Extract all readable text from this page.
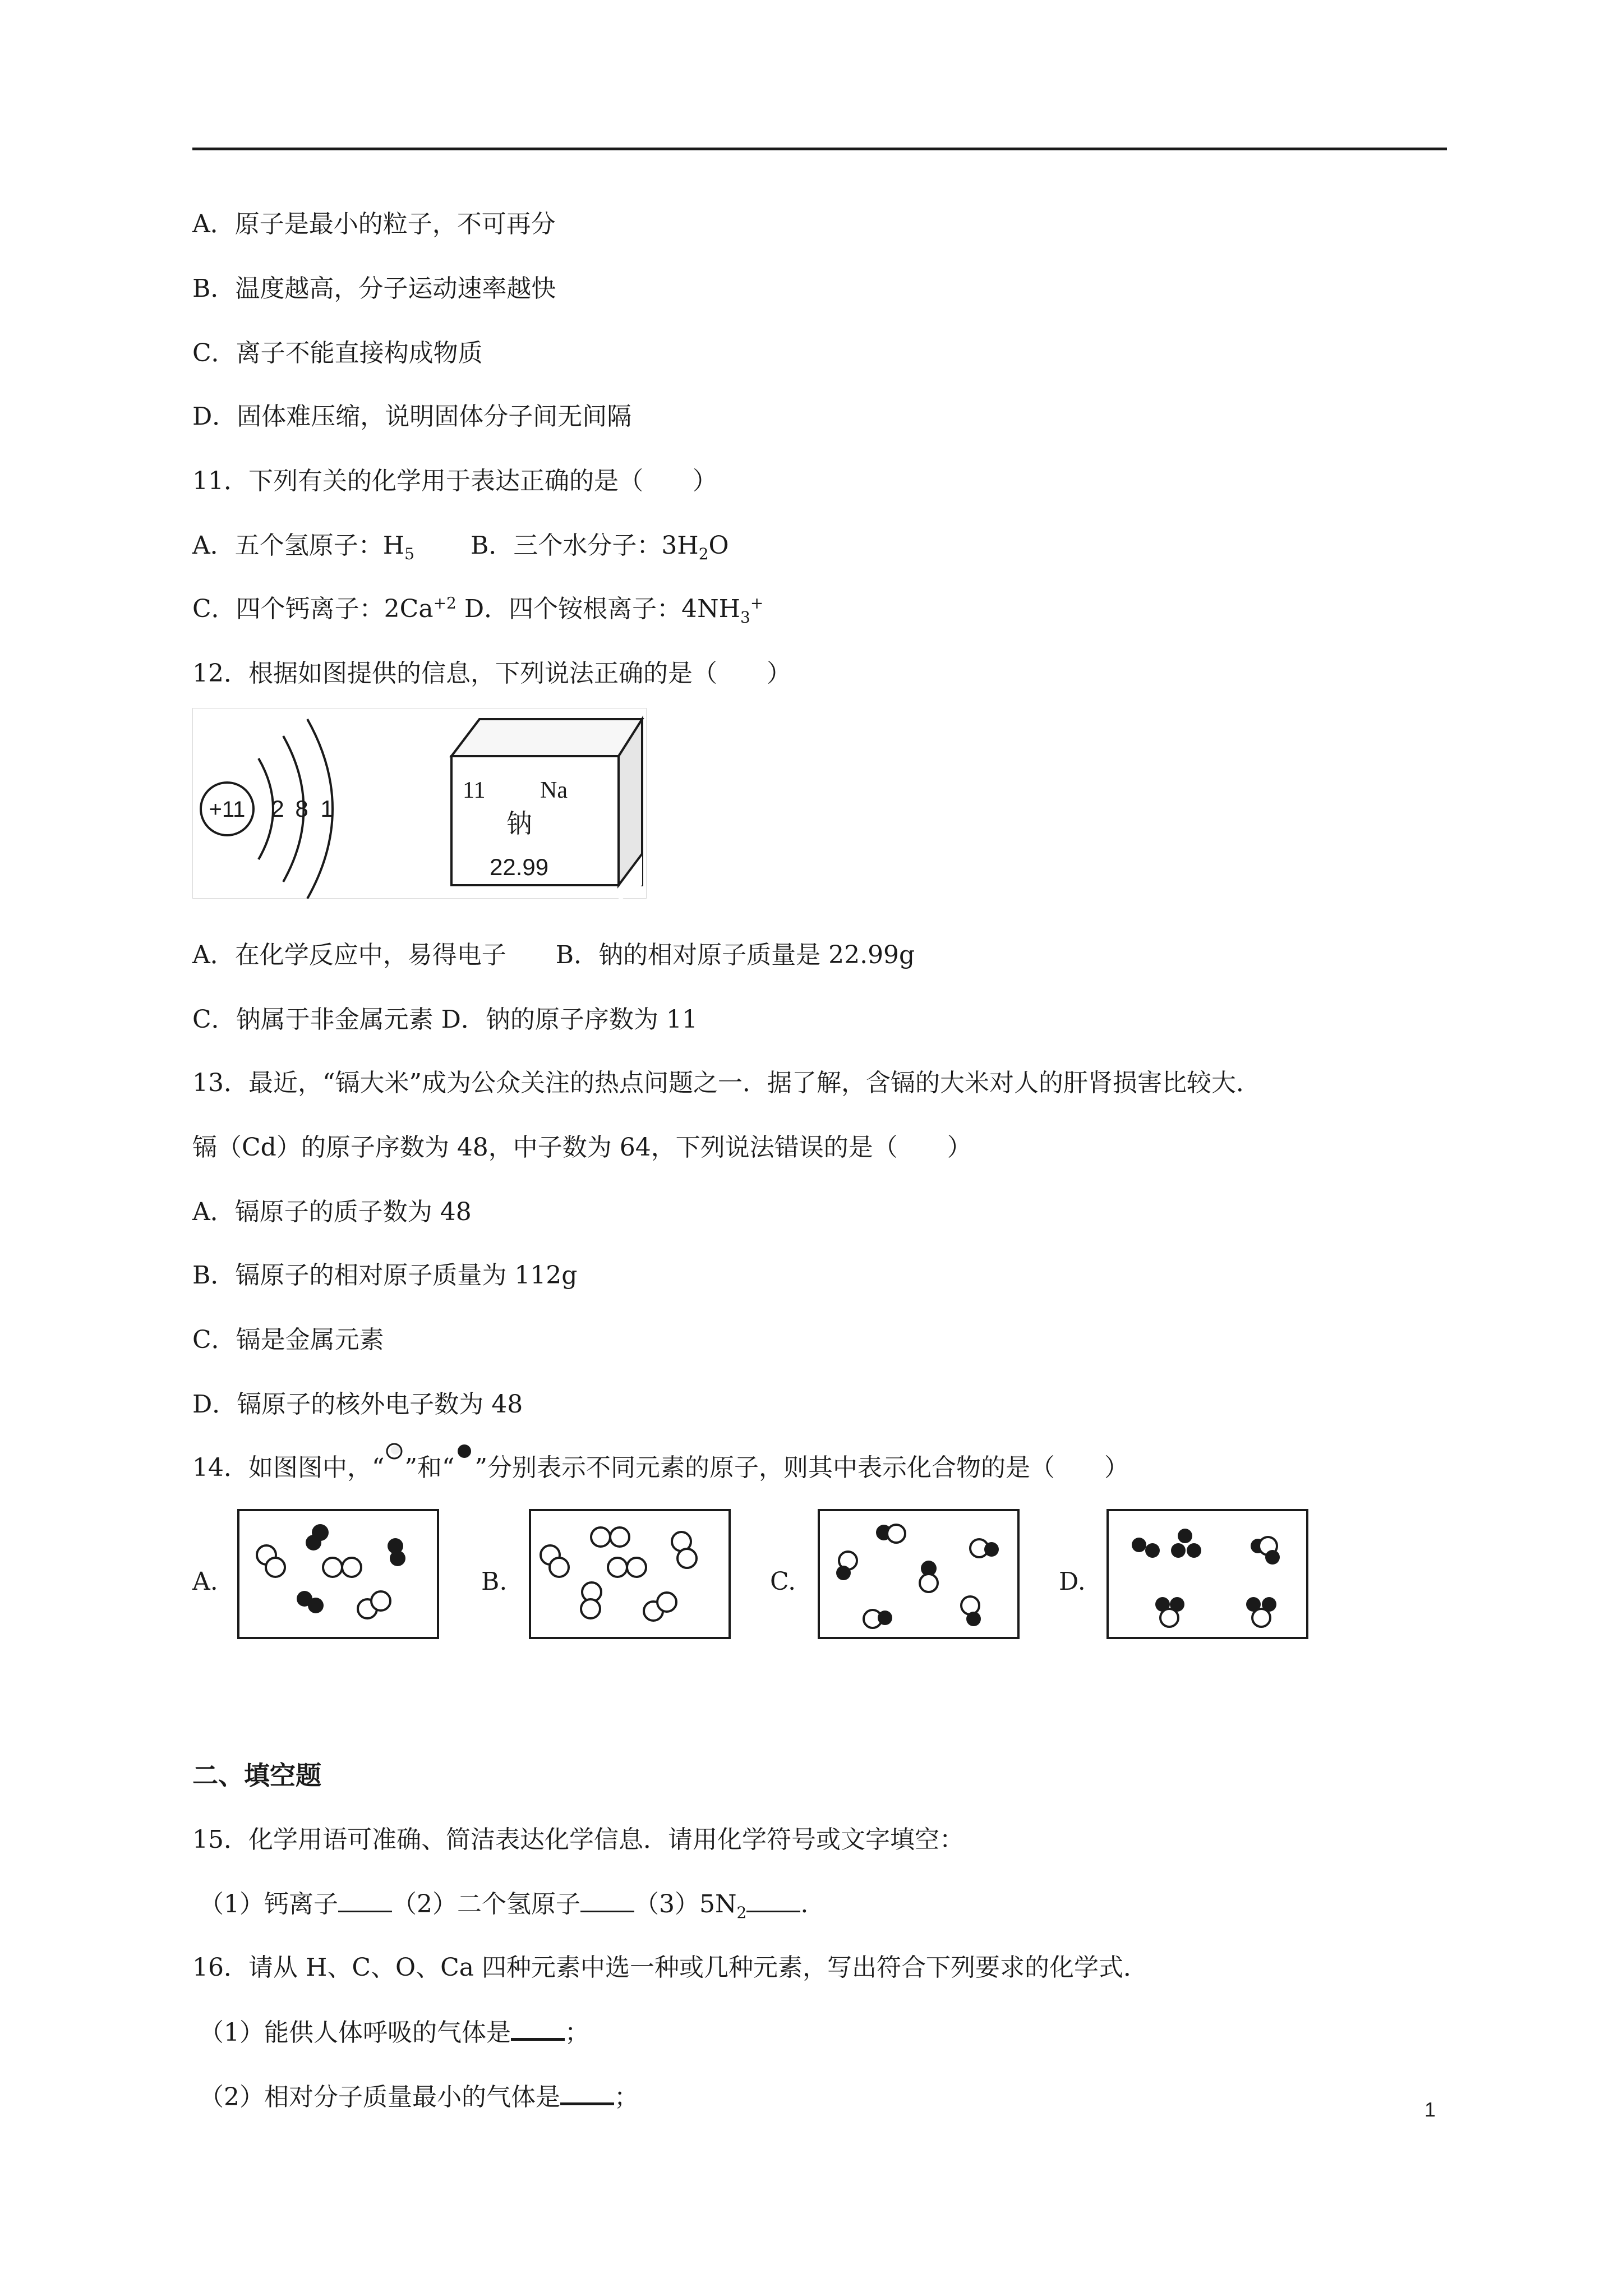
A．原子是最小的粒子，不可再分
B．温度越高，分子运动速率越快
C．离子不能直接构成物质
D．固体难压缩，说明固体分子间无间隔
11．下列有关的化学用于表达正确的是（　　）
A．五个氢原子：$H_5$ B．三个水分子：$3H_2O$
C．四个钙离子：$2Ca^{+2}$ D．四个铵根离子：$4NH_3^+$
12．根据如图提供的信息，下列说法正确的是（　　）
+11 2 8 1
11 Na
钠
22.99
A．在化学反应中，易得电子　　B．钠的相对原子质量是 22.99g
C．钠属于非金属元素 D．钠的原子序数为 11
13．最近，“镉大米”成为公众关注的热点问题之一．据了解，含镉的大米对人的肝肾损害比较大．
镉（Cd）的原子序数为 48，中子数为 64，下列说法错误的是（　　）
A．镉原子的质子数为 48
B．镉原子的相对原子质量为 112g
C．镉是金属元素
D．镉原子的核外电子数为 48
14．如图图中，“ ”和“ ”分别表示不同元素的原子，则其中表示化合物的是（　　）
A.	B.	C.	D.
二、填空题
15．化学用语可准确、简洁表达化学信息．请用化学符号或文字填空：
（1）钙离子 （2）二个氢原子 $(3)5N_2$ .
16．请从 H、C、O、Ca 四种元素中选一种或几种元素，写出符合下列要求的化学式．
（1）能供人体呼吸的气体是 ；
（2）相对分子质量最小的气体是 ；	1
